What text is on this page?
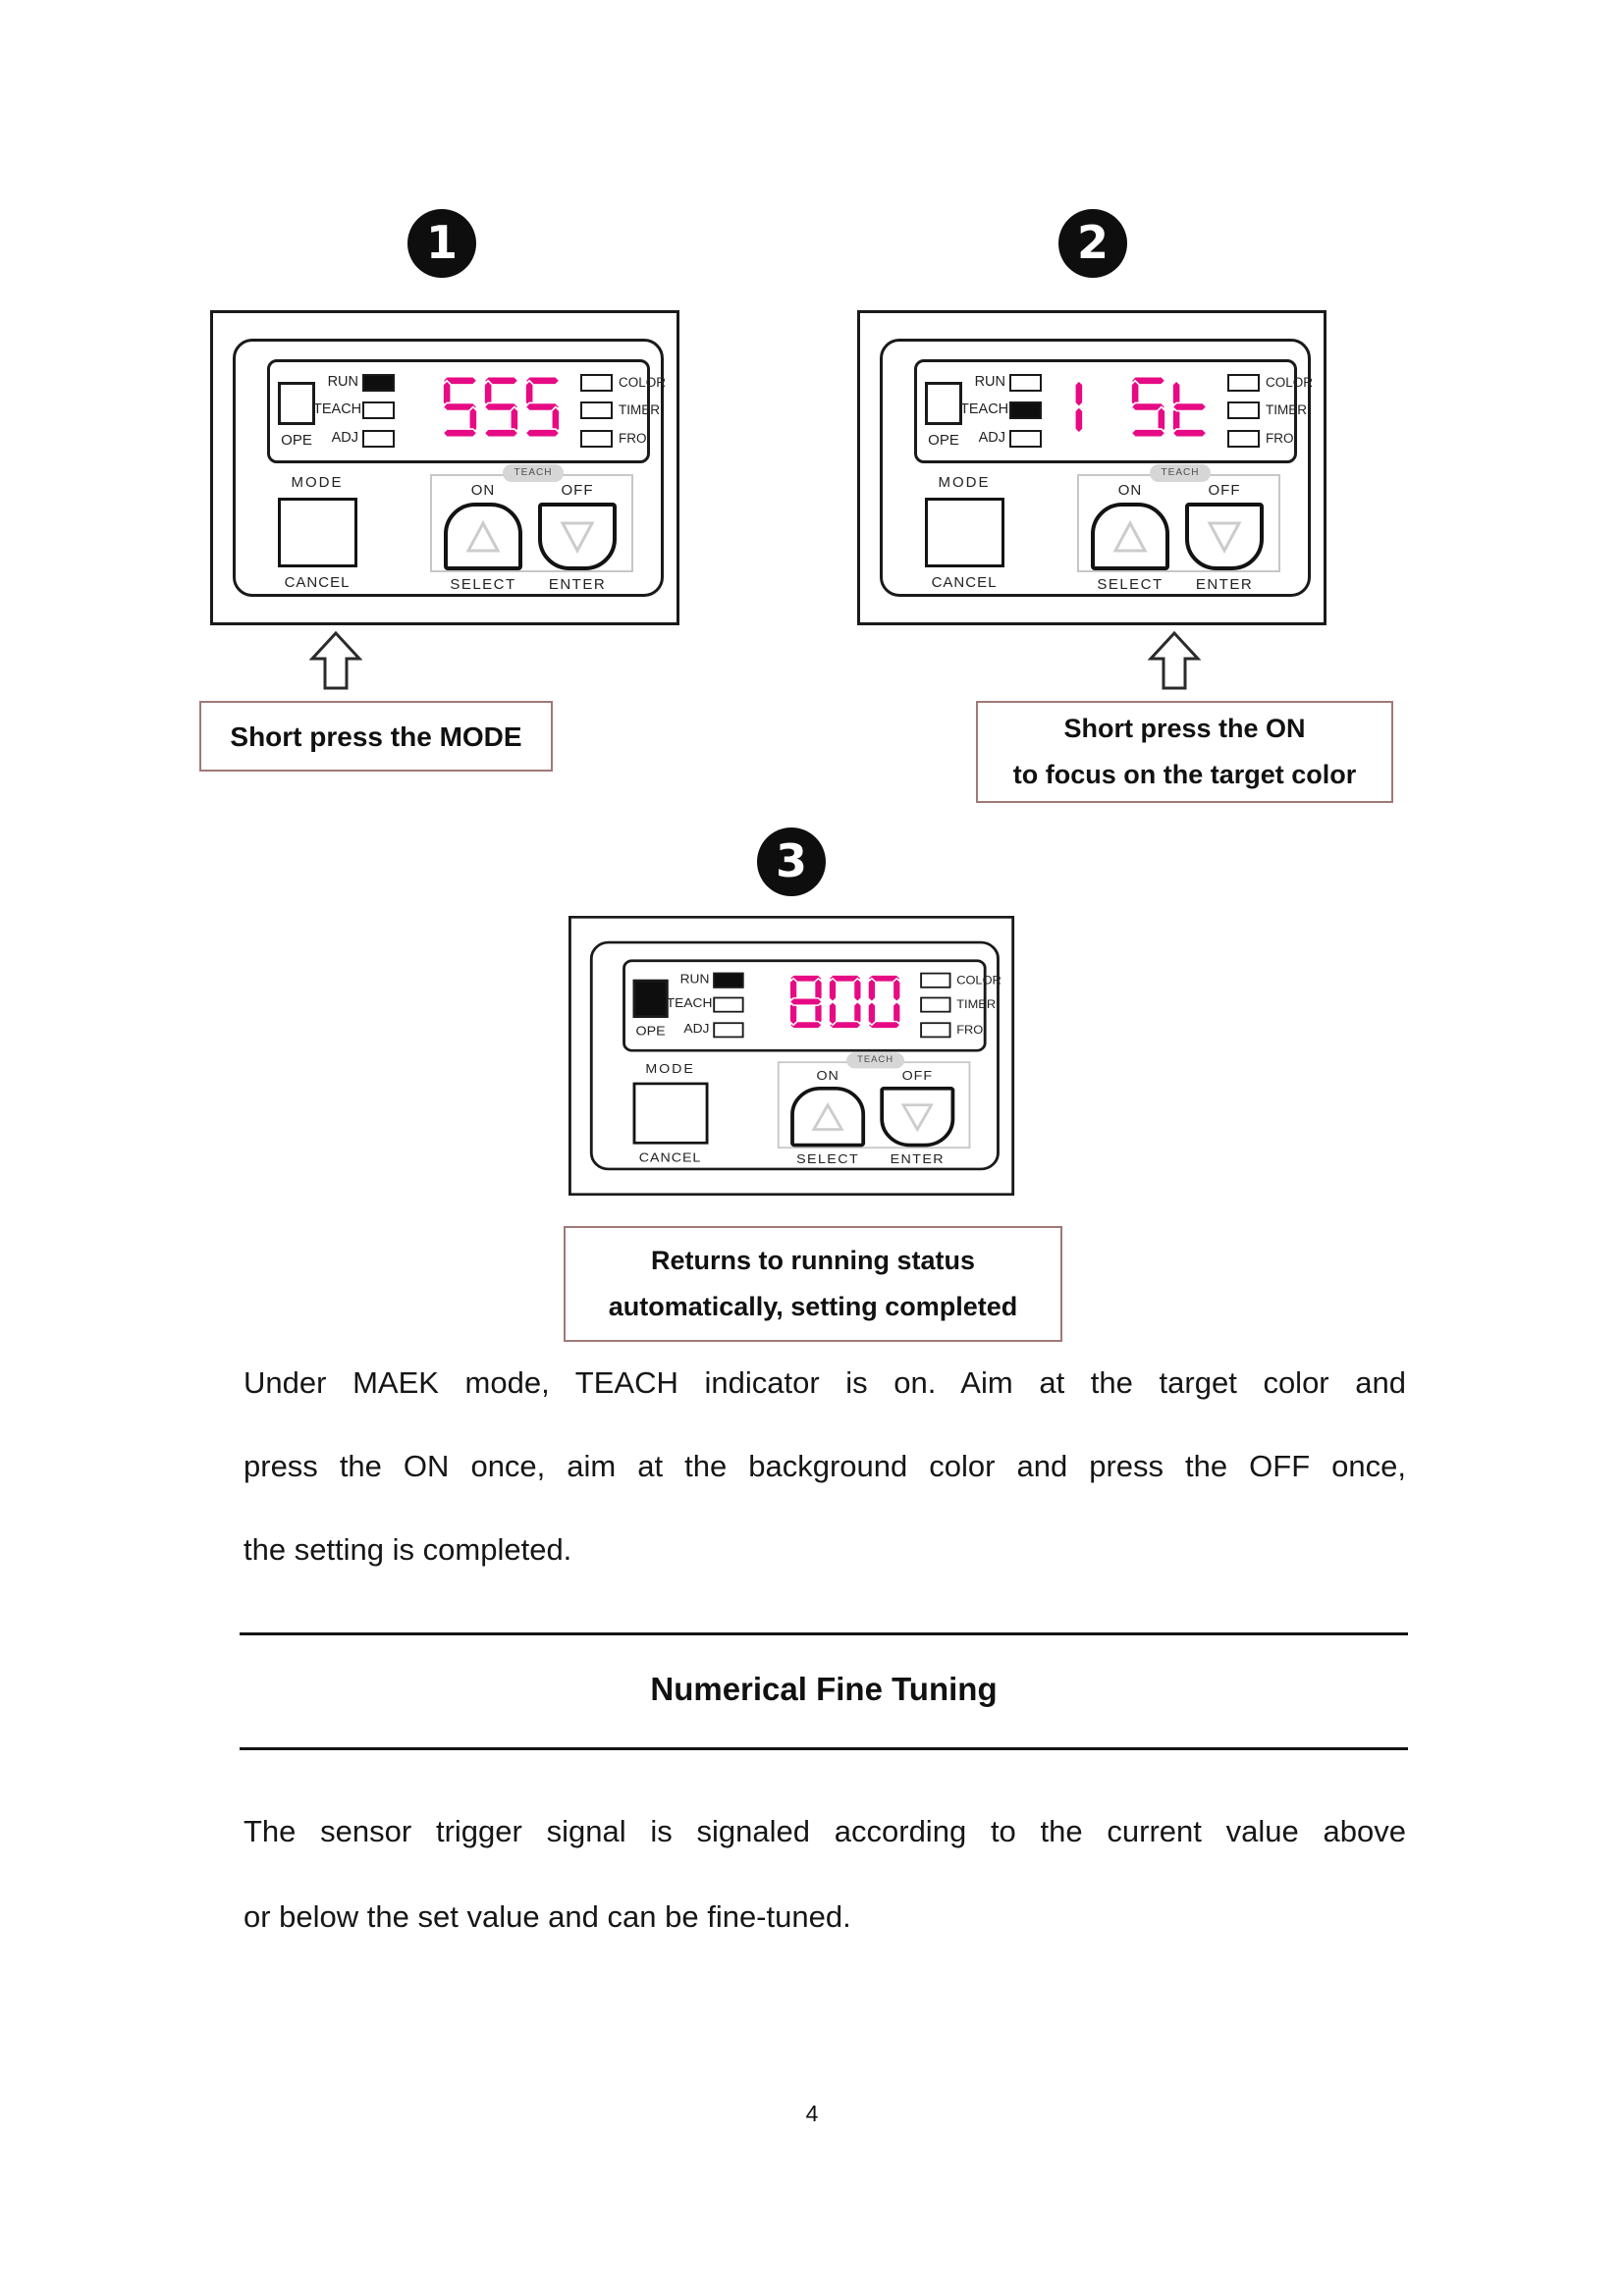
1	2
3
OPE
RUN
TEACH
ADJ
COLOR
TIMER
FRO
MODE
CANCEL
TEACH
ON	OFF
SELECT	ENTER
OPE
RUN
TEACH
ADJ
COLOR
TIMER
FRO
MODE
CANCEL
TEACH
ON	OFF
SELECT	ENTER
OPE
RUN
TEACH
ADJ
COLOR
TIMER
FRO
MODE
CANCEL
TEACH
ON	OFF
SELECT	ENTER
Short press the MODE	Short press the ON
to focus on the target color
Returns to running status
automatically, setting completed
Under MAEK mode, TEACH indicator is on. Aim at the target color and
press the ON once, aim at the background color and press the OFF once,
the setting is completed.
Numerical Fine Tuning
The sensor trigger signal is signaled according to the current value above
or below the set value and can be fine-tuned.
4
